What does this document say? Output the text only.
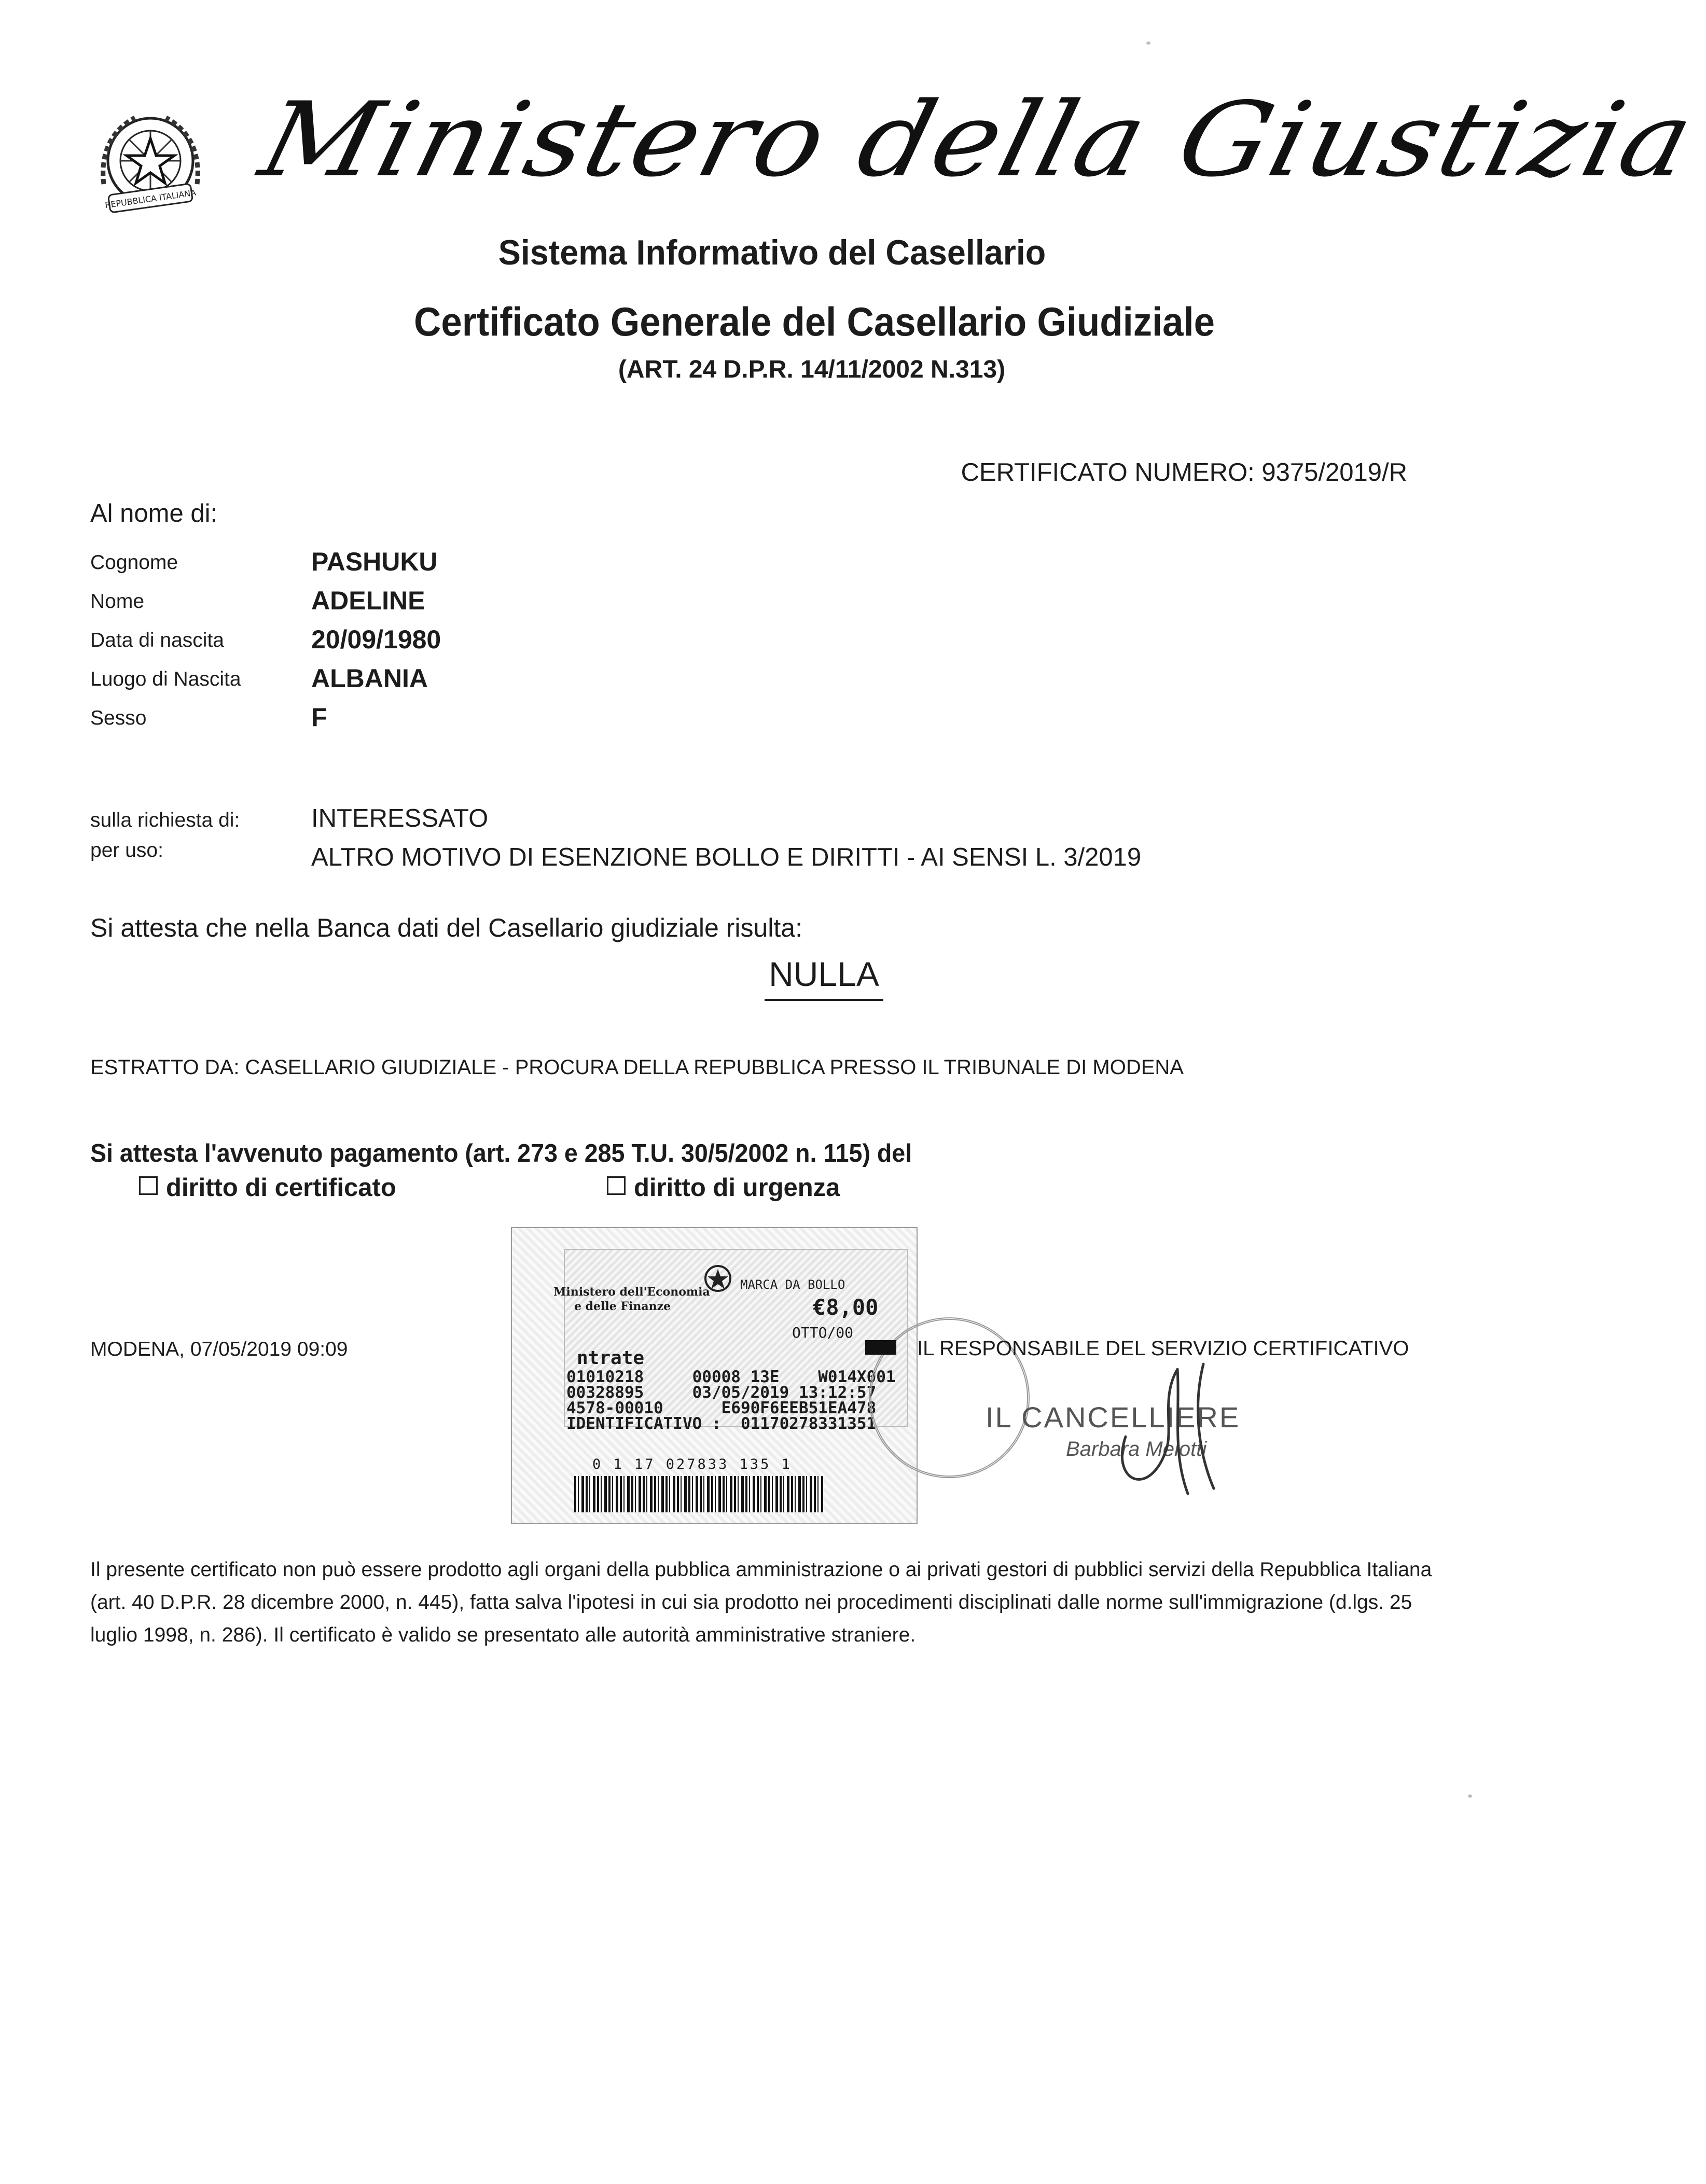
REPUBBLICA ITALIANA Ministero della Giustizia
Sistema Informativo del Casellario
Certificato Generale del Casellario Giudiziale
(ART. 24 D.P.R. 14/11/2002 N.313)
CERTIFICATO NUMERO: 9375/2019/R
Al nome di:
Cognome	PASHUKU
Nome	ADELINE
Data di nascita	20/09/1980
Luogo di Nascita	ALBANIA
Sesso	F
sulla richiesta di:	INTERESSATO
per uso:	ALTRO MOTIVO DI ESENZIONE BOLLO E DIRITTI - AI SENSI L. 3/2019
Si attesta che nella Banca dati del Casellario giudiziale risulta:
NULLA
ESTRATTO DA: CASELLARIO GIUDIZIALE - PROCURA DELLA REPUBBLICA PRESSO IL TRIBUNALE DI MODENA
Si attesta l'avvenuto pagamento (art. 273 e 285 T.U. 30/5/2002 n. 115) del
diritto di certificato	diritto di urgenza
Ministero dell'Economia
e delle Finanze
MARCA DA BOLLO
€8,00
OTTO/00
ntrate
01010218     00008 13E    W014X001
00328895     03/05/2019 13:12:57
4578-00010      E690F6EEB51EA478
IDENTIFICATIVO :  01170278331351
0 1 17 027833 135 1
MODENA, 07/05/2019 09:09	IL RESPONSABILE DEL SERVIZIO CERTIFICATIVO
IL CANCELLIERE
Barbara Melotti
Il presente certificato non può essere prodotto agli organi della pubblica amministrazione o ai privati gestori di pubblici servizi della Repubblica Italiana (art. 40 D.P.R. 28 dicembre 2000, n. 445), fatta salva l'ipotesi in cui sia prodotto nei procedimenti disciplinati dalle norme sull'immigrazione (d.lgs. 25 luglio 1998, n. 286). Il certificato è valido se presentato alle autorità amministrative straniere.
